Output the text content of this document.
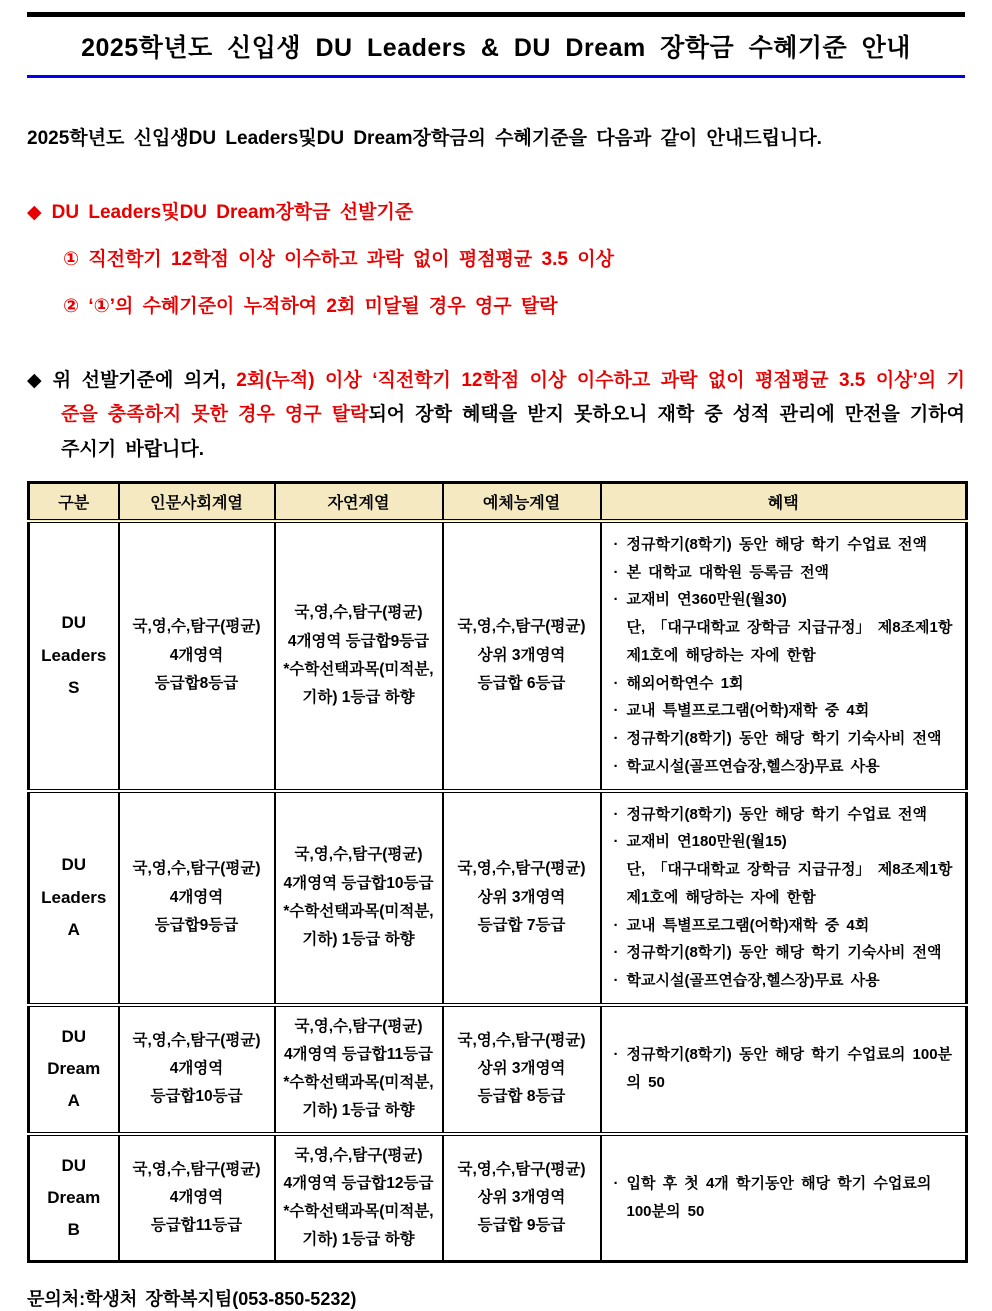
2025학년도 신입생 DU Leaders & DU Dream 장학금 수혜기준 안내

2025학년도 신입생DU Leaders및DU Dream장학금의 수혜기준을 다음과 같이 안내드립니다.

◆ DU Leaders및DU Dream장학금 선발기준

① 직전학기 12학점 이상 이수하고 과락 없이 평점평균 3.5 이상

② ‘①’의 수혜기준이 누적하여 2회 미달될 경우 영구 탈락

◆ 위 선발기준에 의거, 2회(누적) 이상 ‘직전학기 12학점 이상 이수하고 과락 없이 평점평균 3.5 이상’의 기준을 충족하지 못한 경우 영구 탈락되어 장학 혜택을 받지 못하오니 재학 중 성적 관리에 만전을 기하여 주시기 바랍니다.

구분	인문사회계열	자연계열	예체능계열	혜택
DU
Leaders
S	국,영,수,탐구(평균)
4개영역
등급합8등급	국,영,수,탐구(평균)
4개영역 등급합9등급
*수학선택과목(미적분,
기하) 1등급 하향	국,영,수,탐구(평균)
상위 3개영역
등급합 6등급	
· 정규학기(8학기) 동안 해당 학기 수업료 전액
· 본 대학교 대학원 등록금 전액
· 교재비 연360만원(월30)
단, 「대구대학교 장학금 지급규정」 제8조제1항제1호에 해당하는 자에 한함
· 해외어학연수 1회
· 교내 특별프로그램(어학)재학 중 4회
· 정규학기(8학기) 동안 해당 학기 기숙사비 전액
· 학교시설(골프연습장,헬스장)무료 사용

DU
Leaders
A	국,영,수,탐구(평균)
4개영역
등급합9등급	국,영,수,탐구(평균)
4개영역 등급합10등급
*수학선택과목(미적분,
기하) 1등급 하향	국,영,수,탐구(평균)
상위 3개영역
등급합 7등급	
· 정규학기(8학기) 동안 해당 학기 수업료 전액
· 교재비 연180만원(월15)
단, 「대구대학교 장학금 지급규정」 제8조제1항제1호에 해당하는 자에 한함
· 교내 특별프로그램(어학)재학 중 4회
· 정규학기(8학기) 동안 해당 학기 기숙사비 전액
· 학교시설(골프연습장,헬스장)무료 사용

DU
Dream
A	국,영,수,탐구(평균)
4개영역
등급합10등급	국,영,수,탐구(평균)
4개영역 등급합11등급
*수학선택과목(미적분,
기하) 1등급 하향	국,영,수,탐구(평균)
상위 3개영역
등급합 8등급	· 정규학기(8학기) 동안 해당 학기 수업료의 100분의 50

DU
Dream
B	국,영,수,탐구(평균)
4개영역
등급합11등급	국,영,수,탐구(평균)
4개영역 등급합12등급
*수학선택과목(미적분,
기하) 1등급 하향	국,영,수,탐구(평균)
상위 3개영역
등급합 9등급	· 입학 후 첫 4개 학기동안 해당 학기 수업료의 100분의 50

문의처:학생처 장학복지팀(053-850-5232)
